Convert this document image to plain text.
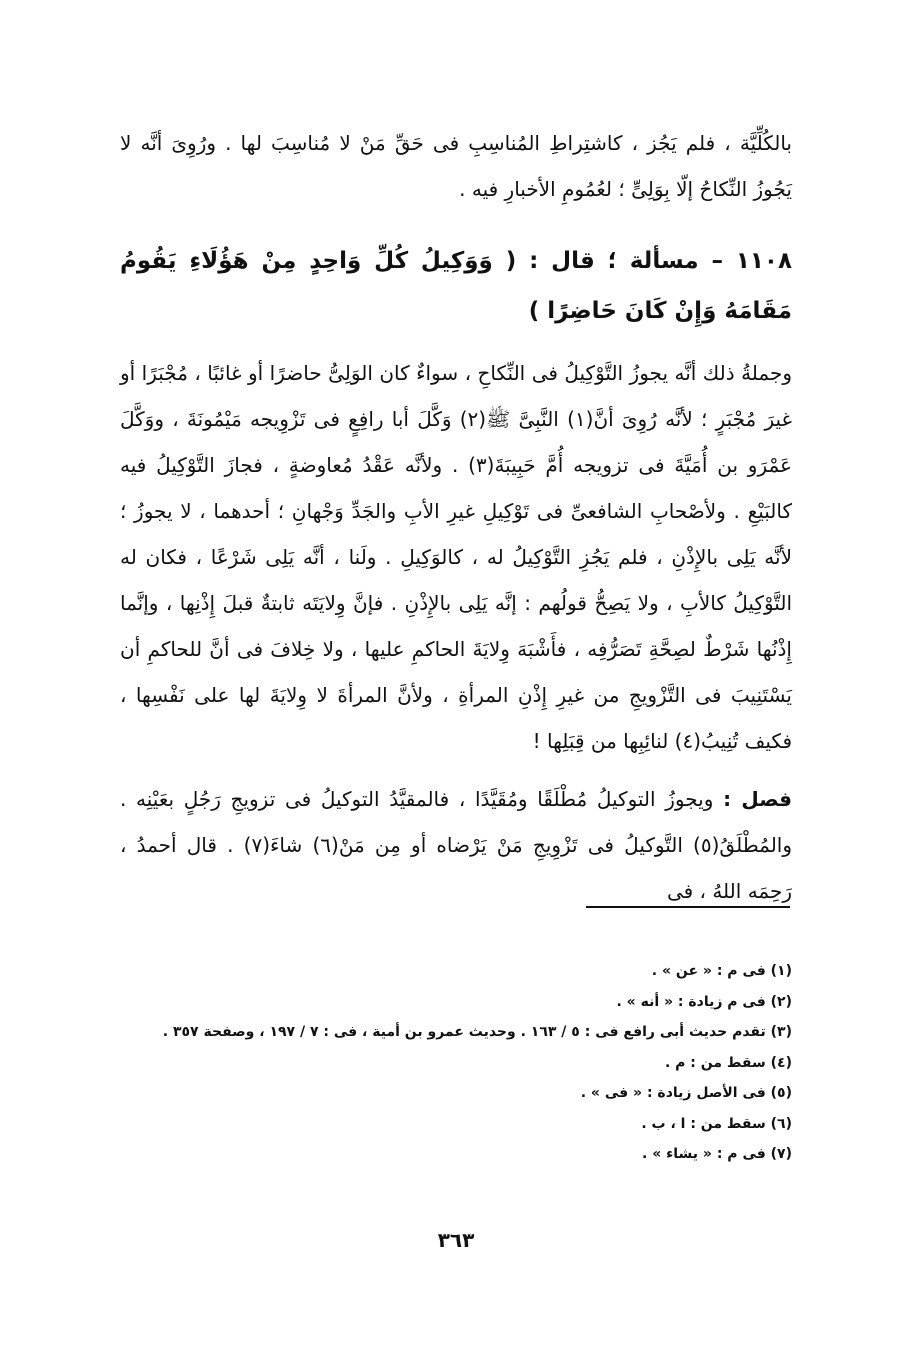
بالكُلِّيَّة ، فلم يَجُز ، كاشتِراطِ المُناسِبِ فى حَقِّ مَنْ لا مُناسِبَ لها . ورُوِىَ أنَّه لا يَجُوزُ النِّكاحُ إلّا بِوَلِىٍّ ؛ لعُمُومِ الأخبارِ فيه .

١١٠٨ – مسألة ؛ قال : ( وَوَكِيلُ كُلِّ وَاحِدٍ مِنْ هَؤُلَاءِ يَقُومُ مَقَامَهُ وَإِنْ كَانَ حَاضِرًا )

وجملةُ ذلك أنَّه يجوزُ التَّوْكِيلُ فى النِّكاحِ ، سواءٌ كان الوَلِىُّ حاضرًا أو غائبًا ، مُجْبَرًا أو غيرَ مُجْبَرٍ ؛ لأنَّه رُوِىَ أنَّ(١) النَّبِىَّ ﷺ(٢) وَكَّلَ أبا رافِعٍ فى تَزْوِيجه مَيْمُونَةَ ، ووَكَّلَ عَمْرَو بن أُمَيَّةَ فى تزويجه أُمَّ حَبِيبَةَ(٣) . ولأنَّه عَقْدُ مُعاوضةٍ ، فجازَ التَّوْكِيلُ فيه كالبَيْعِ . ولأصْحابِ الشافعىِّ فى تَوْكِيلِ غيرِ الأبِ والجَدِّ وَجْهانِ ؛ أحدهما ، لا يجوزُ ؛ لأنَّه يَلِى بالإِذْنِ ، فلم يَجُزِ التَّوْكِيلُ له ، كالوَكِيلِ . ولَنا ، أنَّه يَلِى شَرْعًا ، فكان له التَّوْكِيلُ كالأبِ ، ولا يَصِحُّ قولُهم : إنَّه يَلِى بالإِذْنِ . فإنَّ وِلايَتَه ثابتةٌ قبلَ إِذْنِها ، وإنَّما إِذْنُها شَرْطٌ لصِحَّةِ تَصَرُّفِه ، فأَشْبَهَ وِلايَةَ الحاكمِ عليها ، ولا خِلافَ فى أنَّ للحاكمِ أن يَسْتَنِيبَ فى التَّزْويجِ من غيرِ إِذْنِ المرأةِ ، ولأنَّ المرأةَ لا وِلايَةَ لها على نَفْسِها ، فكيف تُنِيبُ(٤) لنائِبِها من قِبَلِها !

فصل : ويجوزُ التوكيلُ مُطْلَقًا ومُقَيَّدًا ، فالمقيَّدُ التوكيلُ فى تزويجِ رَجُلٍ بعَيْنِه . والمُطْلَقُ(٥) التَّوكيلُ فى تَزْوِيجِ مَنْ يَرْضاه أو مِن مَنْ(٦) شاءَ(٧) . قال أحمدُ ، رَحِمَه اللهُ ، فى

(١) فى م : « عن » .
(٢) فى م زيادة : « أنه » .
(٣) تقدم حديث أبى رافع فى : ٥ / ١٦٣ . وحديث عمرو بن أمية ، فى : ٧ / ١٩٧ ، وصفحة ٣٥٧ .
(٤) سقط من : م .
(٥) فى الأصل زيادة : « فى » .
(٦) سقط من : ا ، ب .
(٧) فى م : « يشاء » .
٣٦٣
